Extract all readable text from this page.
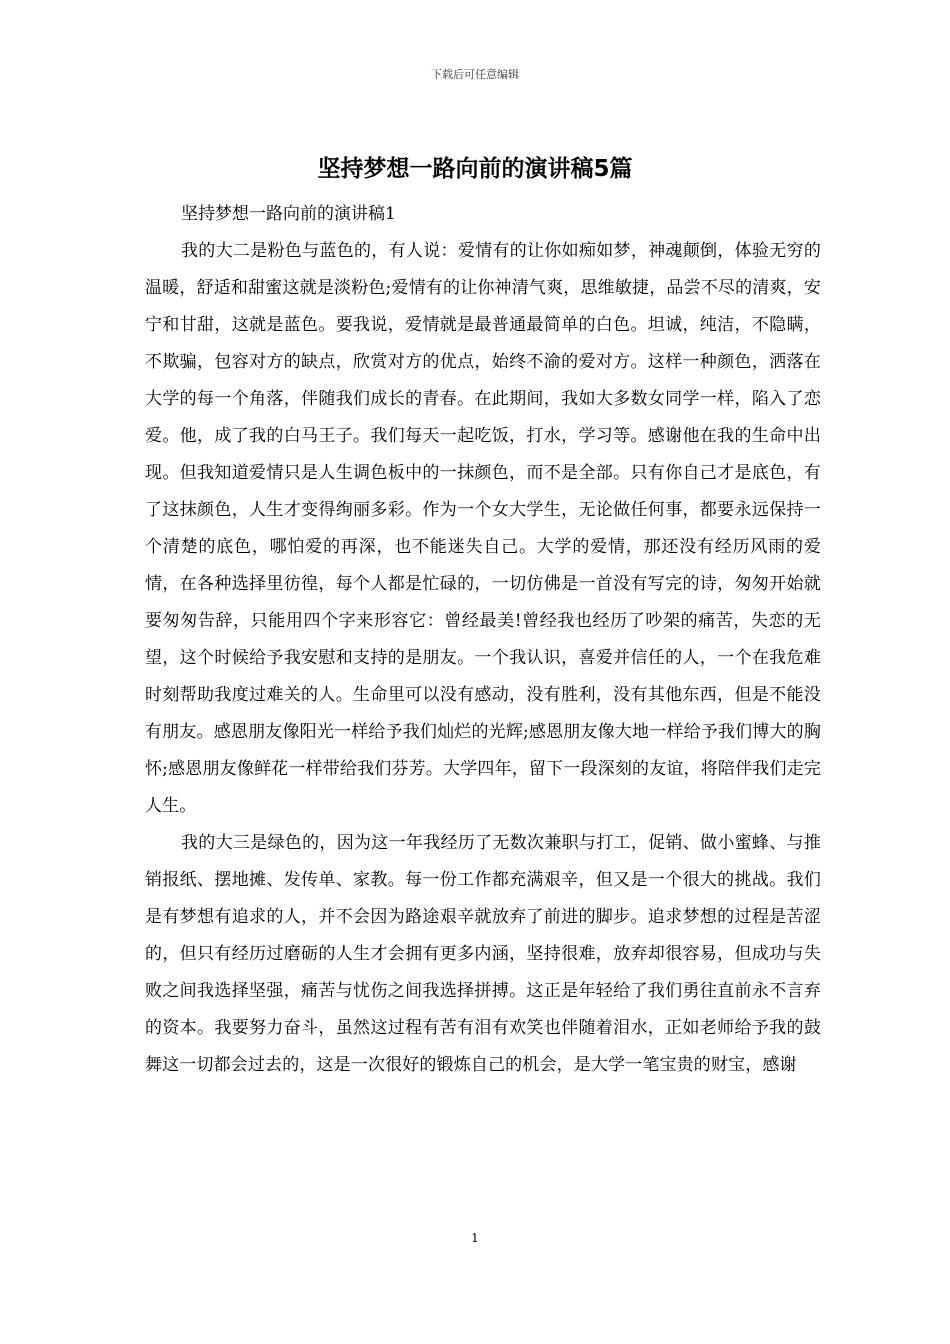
下载后可任意编辑
坚持梦想一路向前的演讲稿5篇

坚持梦想一路向前的演讲稿1

我的大二是粉色与蓝色的，有人说：爱情有的让你如痴如梦，神魂颠倒，体验无穷的温暖，舒适和甜蜜这就是淡粉色;爱情有的让你神清气爽，思维敏捷，品尝不尽的清爽，安宁和甘甜，这就是蓝色。要我说，爱情就是最普通最简单的白色。坦诚，纯洁，不隐瞒，不欺骗，包容对方的缺点，欣赏对方的优点，始终不渝的爱对方。这样一种颜色，洒落在大学的每一个角落，伴随我们成长的青春。在此期间，我如大多数女同学一样，陷入了恋爱。他，成了我的白马王子。我们每天一起吃饭，打水，学习等。感谢他在我的生命中出现。但我知道爱情只是人生调色板中的一抹颜色，而不是全部。只有你自己才是底色，有了这抹颜色，人生才变得绚丽多彩。作为一个女大学生，无论做任何事，都要永远保持一个清楚的底色，哪怕爱的再深，也不能迷失自己。大学的爱情，那还没有经历风雨的爱情，在各种选择里彷徨，每个人都是忙碌的，一切仿佛是一首没有写完的诗，匆匆开始就要匆匆告辞，只能用四个字来形容它：曾经最美!曾经我也经历了吵架的痛苦，失恋的无望，这个时候给予我安慰和支持的是朋友。一个我认识，喜爱并信任的人，一个在我危难时刻帮助我度过难关的人。生命里可以没有感动，没有胜利，没有其他东西，但是不能没有朋友。感恩朋友像阳光一样给予我们灿烂的光辉;感恩朋友像大地一样给予我们博大的胸怀;感恩朋友像鲜花一样带给我们芬芳。大学四年，留下一段深刻的友谊，将陪伴我们走完人生。

我的大三是绿色的，因为这一年我经历了无数次兼职与打工，促销、做小蜜蜂、与推销报纸、摆地摊、发传单、家教。每一份工作都充满艰辛，但又是一个很大的挑战。我们是有梦想有追求的人，并不会因为路途艰辛就放弃了前进的脚步。追求梦想的过程是苦涩的，但只有经历过磨砺的人生才会拥有更多内涵，坚持很难，放弃却很容易，但成功与失败之间我选择坚强，痛苦与忧伤之间我选择拼搏。这正是年轻给了我们勇往直前永不言弃的资本。我要努力奋斗，虽然这过程有苦有泪有欢笑也伴随着泪水，正如老师给予我的鼓舞这一切都会过去的，这是一次很好的锻炼自己的机会，是大学一笔宝贵的财宝，感谢

1
